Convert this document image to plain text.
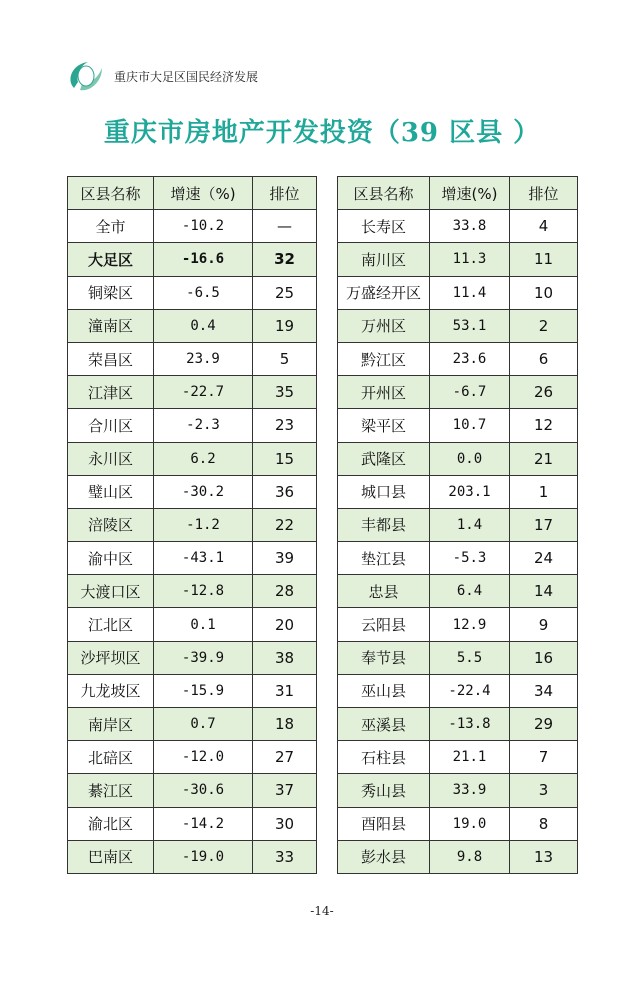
重庆市大足区国民经济发展
重庆市房地产开发投资（39 区县 ）
区县名称	增速（%)	排位
全市	-10.2	—
大足区	-16.6	32
铜梁区	-6.5	25
潼南区	0.4	19
荣昌区	23.9	5
江津区	-22.7	35
合川区	-2.3	23
永川区	6.2	15
璧山区	-30.2	36
涪陵区	-1.2	22
渝中区	-43.1	39
大渡口区	-12.8	28
江北区	0.1	20
沙坪坝区	-39.9	38
九龙坡区	-15.9	31
南岸区	0.7	18
北碚区	-12.0	27
綦江区	-30.6	37
渝北区	-14.2	30
巴南区	-19.0	33
区县名称	增速(%)	排位
长寿区	33.8	4
南川区	11.3	11
万盛经开区	11.4	10
万州区	53.1	2
黔江区	23.6	6
开州区	-6.7	26
梁平区	10.7	12
武隆区	0.0	21
城口县	203.1	1
丰都县	1.4	17
垫江县	-5.3	24
忠县	6.4	14
云阳县	12.9	9
奉节县	5.5	16
巫山县	-22.4	34
巫溪县	-13.8	29
石柱县	21.1	7
秀山县	33.9	3
酉阳县	19.0	8
彭水县	9.8	13
-14-
